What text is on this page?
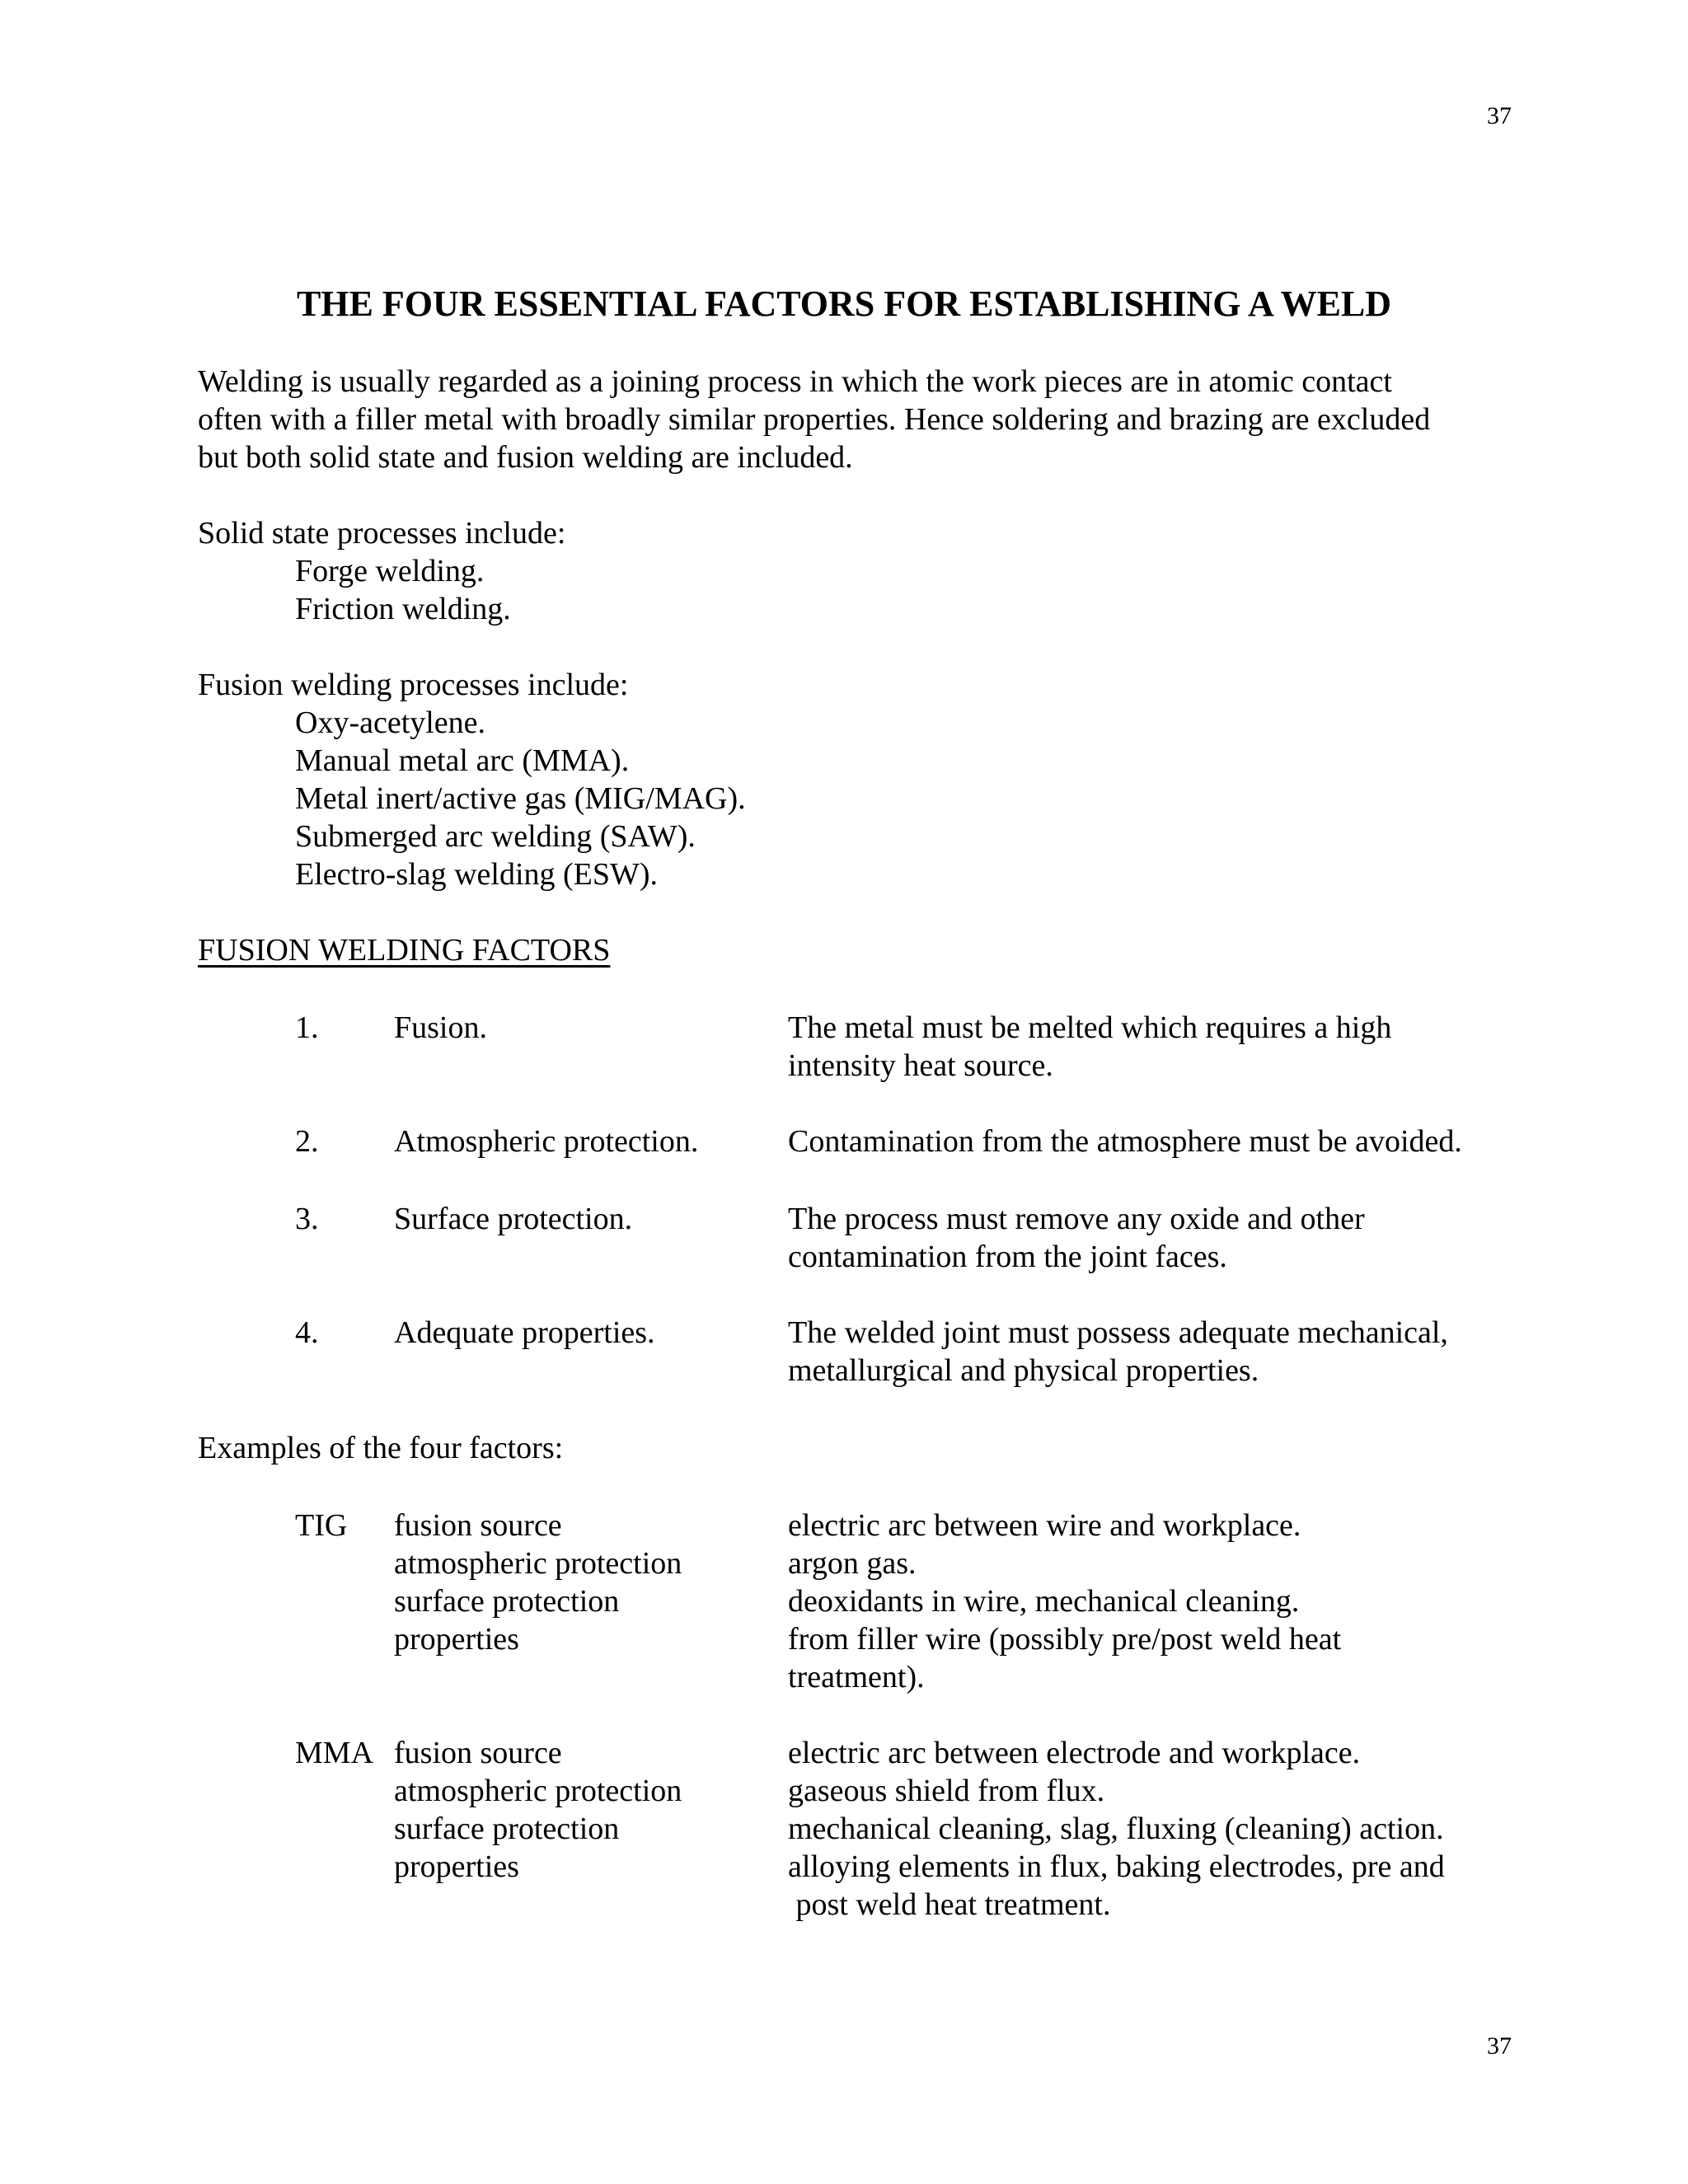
37
THE FOUR ESSENTIAL FACTORS FOR ESTABLISHING A WELD
Welding is usually regarded as a joining process in which the work pieces are in atomic contact
often with a filler metal with broadly similar properties. Hence soldering and brazing are excluded
but both solid state and fusion welding are included.
Solid state processes include:
Forge welding.
Friction welding.
Fusion welding processes include:
Oxy-acetylene.
Manual metal arc (MMA).
Metal inert/active gas (MIG/MAG).
Submerged arc welding (SAW).
Electro-slag welding (ESW).
FUSION WELDING FACTORS
1. Fusion.	The metal must be melted which requires a high
intensity heat source.
2. Atmospheric protection.	Contamination from the atmosphere must be avoided.
3. Surface protection.	The process must remove any oxide and other
contamination from the joint faces.
4. Adequate properties.	The welded joint must possess adequate mechanical,
metallurgical and physical properties.
Examples of the four factors:
TIG fusion source	electric arc between wire and workplace.
atmospheric protection	argon gas.
surface protection	deoxidants in wire, mechanical cleaning.
properties	from filler wire (possibly pre/post weld heat
treatment).
MMA fusion source	electric arc between electrode and workplace.
atmospheric protection	gaseous shield from flux.
surface protection	mechanical cleaning, slag, fluxing (cleaning) action.
properties	alloying elements in flux, baking electrodes, pre and
post weld heat treatment.
37
